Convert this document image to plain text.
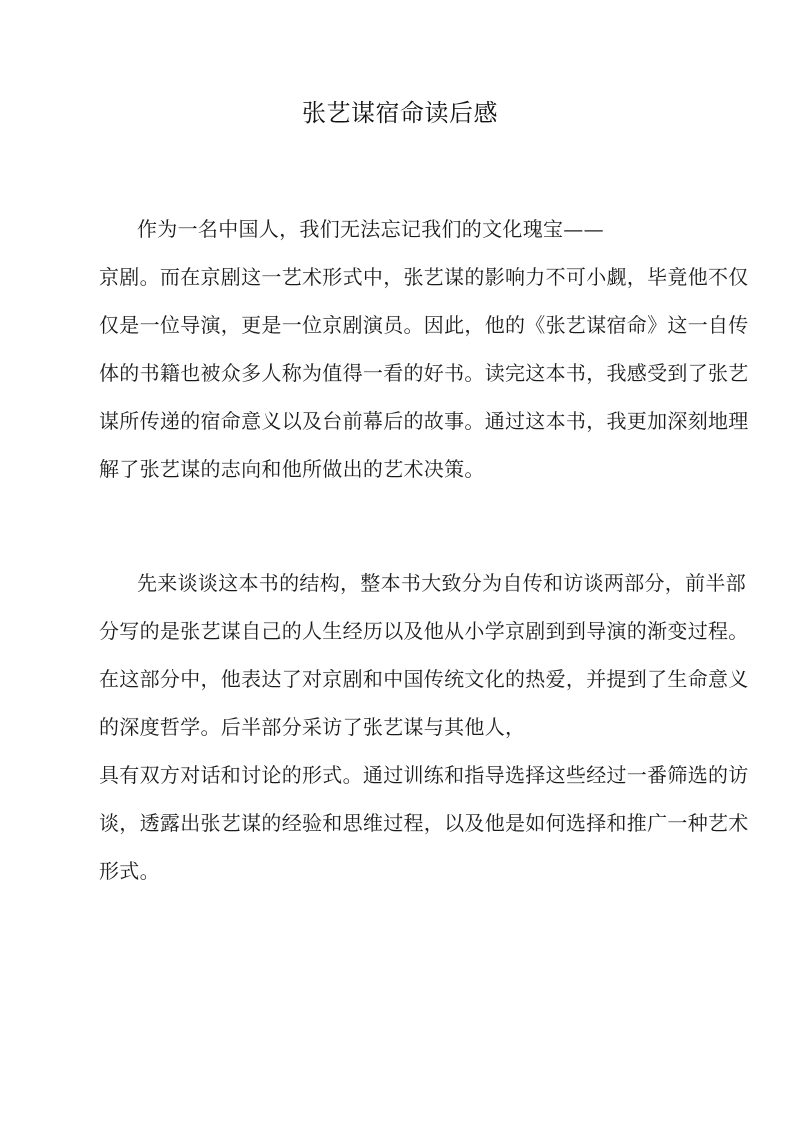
张艺谋宿命读后感
作为一名中国人，我们无法忘记我们的文化瑰宝——
京剧。而在京剧这一艺术形式中，张艺谋的影响力不可小觑，毕竟他不仅
仅是一位导演，更是一位京剧演员。因此，他的《张艺谋宿命》这一自传
体的书籍也被众多人称为值得一看的好书。读完这本书，我感受到了张艺
谋所传递的宿命意义以及台前幕后的故事。通过这本书，我更加深刻地理
解了张艺谋的志向和他所做出的艺术决策。
先来谈谈这本书的结构，整本书大致分为自传和访谈两部分，前半部
分写的是张艺谋自己的人生经历以及他从小学京剧到到导演的渐变过程。
在这部分中，他表达了对京剧和中国传统文化的热爱，并提到了生命意义
的深度哲学。后半部分采访了张艺谋与其他人，
具有双方对话和讨论的形式。通过训练和指导选择这些经过一番筛选的访
谈，透露出张艺谋的经验和思维过程，以及他是如何选择和推广一种艺术
形式。
